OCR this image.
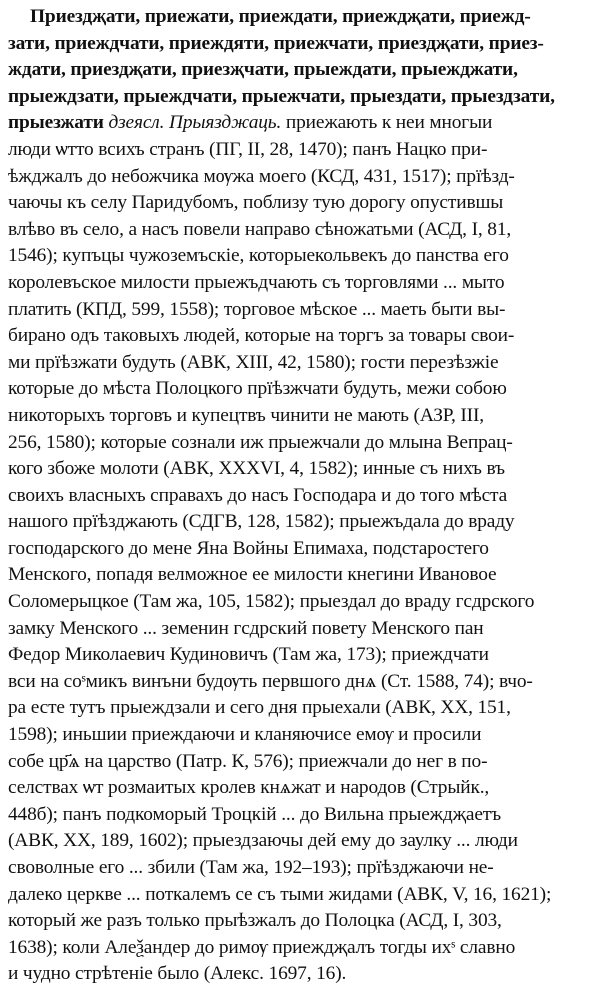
Приездҗати, приежати, приеждати, приеждҗати, приежд-
зати, приеждчати, приеждяти, приежчати, приездҗати, приез-
ждати, приездҗати, приезҗчати, прыеждати, прыежджати,
прыеждзати, прыеждчати, прыежчати, прыездати, прыездзати,
прыезжати дзеясл. Прыязджаць. приежають к неи многыи
люди ѡтто всихъ странъ (ПГ, II, 28, 1470); панъ Нацко при-
ѣжджалъ до небожчика мѹжа моего (КСД, 431, 1517); прїѣзд-
чаючы къ селу Паридубомъ, поблизу тую дорогу опустившы
влѣво въ село, а насъ повели направо сѣножатьми (АСД, I, 81,
1546); купъцы чужоземъскіе, которыекольвекъ до панства его
королевъское милости прыежъдчають съ торговлями ... мыто
платить (КПД, 599, 1558); торговое мѣское ... маеть быти вы-
бирано одъ таковыхъ людей, которые на торгъ за товары свои-
ми прїѣзжати будуть (АВК, XIII, 42, 1580); гости перезѣзжіе
которые до мѣста Полоцкого прїѣзжчати будуть, межи собою
никоторыхъ торговъ и купецтвъ чинити не мають (АЗР, III,
256, 1580); которые сознали иж прыежчали до млына Вепрац-
кого збоже молоти (АВК, XXXVI, 4, 1582); инные съ нихъ въ
своихъ власныхъ справахъ до насъ Господара и до того мѣста
нашого прїѣзджають (СДГВ, 128, 1582); прыежъдала до враду
господарского до мене Яна Войны Епимаха, подстаростего
Менского, попадя велможное ее милости кнегини Ивановое
Соломерыцкое (Там жа, 105, 1582); прыездал до враду гсдрского
замку Менского ... земенин гсдрский повету Менского пан
Федор Миколаевич Кудиновичъ (Там жа, 173); приеждчати
вси на соˢмикъ винъни будѹть первшого днѧ (Ст. 1588, 74); вчо-
ра есте тутъ прыеждзали и сего дня прыехали (АВК, XX, 151,
1598); иньшии приеждаючи и кланяючисе емѹ и просили
собе цр҃ѧ на царство (Патр. К, 576); приежчали до нег в по-
селствах ѡт розмаитых кролев кнѧжат и народов (Стрыйк.,
448б); панъ подкоморый Троцкій ... до Вильна прыеждҗаетъ
(АВК, XX, 189, 1602); прыездзаючы дей ему до заулку ... люди
своволные его ... збили (Там жа, 192–193); прїѣзджаючи не-
далеко церкве ... поткалемъ се съ тыми жидами (АВК, V, 16, 1621);
который же разъ только прыѣзжалъ до Полоцка (АСД, I, 303,
1638); коли Алеѯандер до римѹ приеждҗалъ тогды ихˢ славно
и чудно стрѣтеніе было (Алекс. 1697, 16).
